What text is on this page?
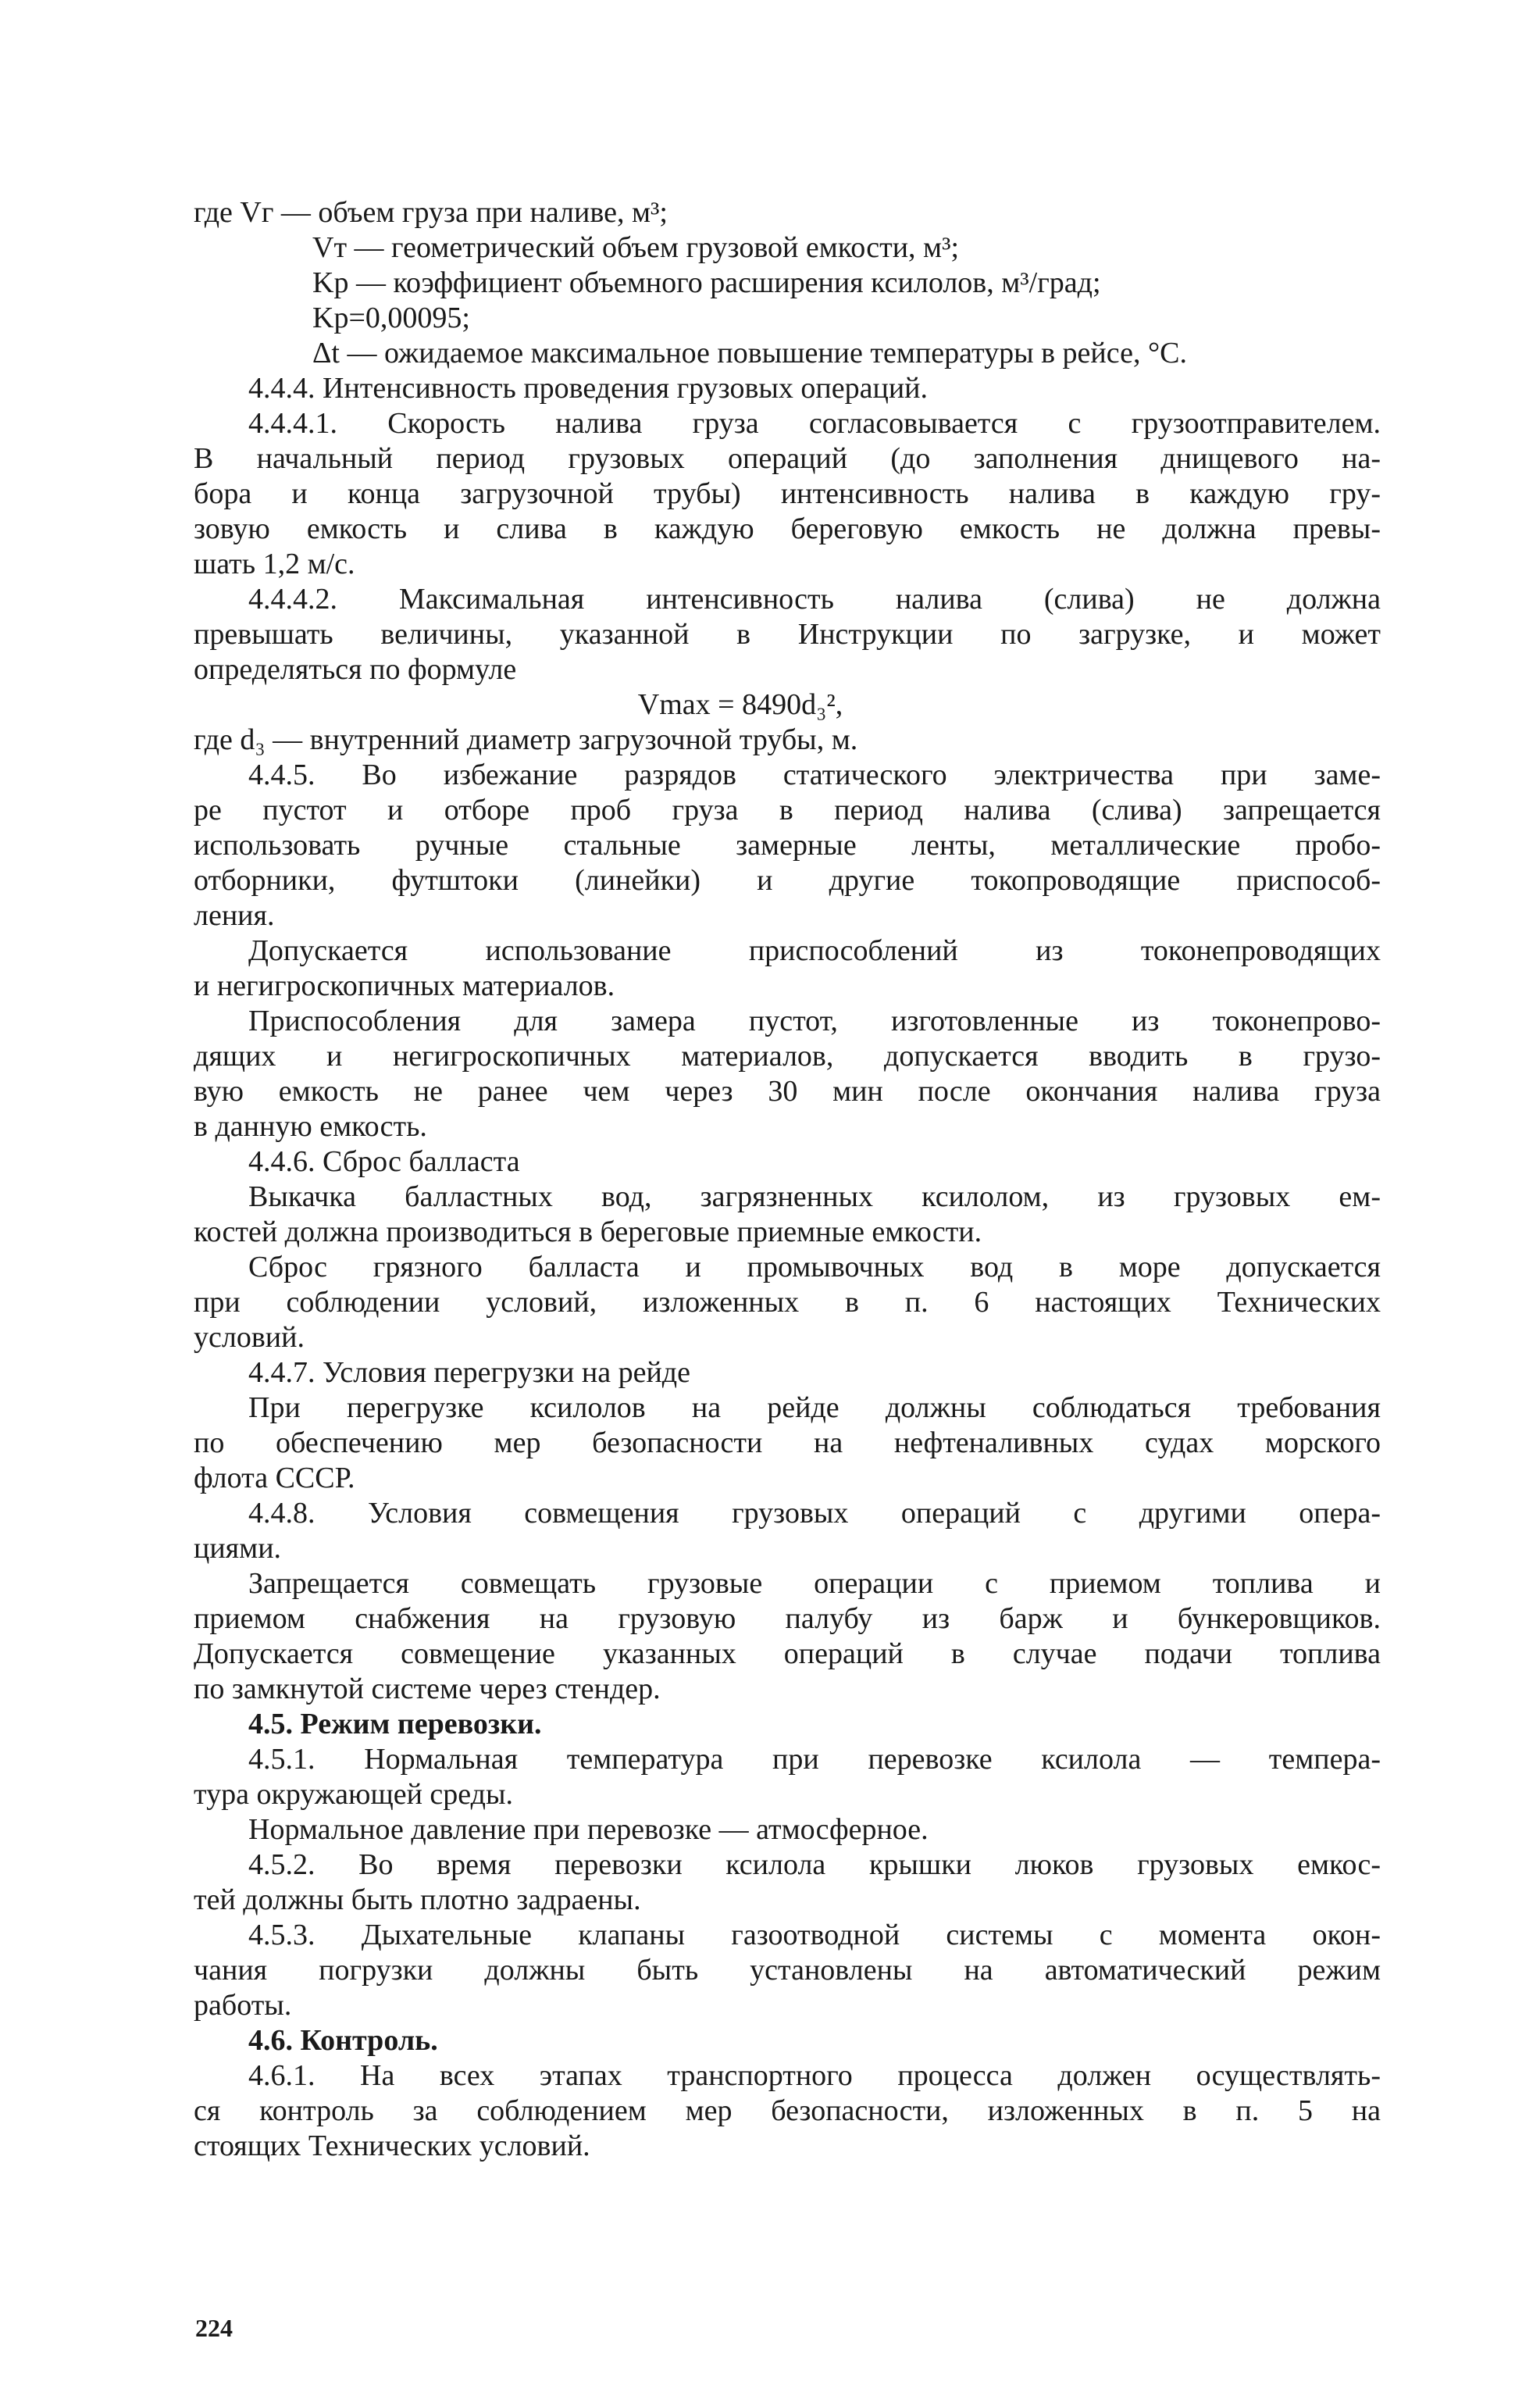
где Vг — объем груза при наливе, м³;
Vт — геометрический объем грузовой емкости, м³;
Kр — коэффициент объемного расширения ксилолов, м³/град;
Kр=0,00095;
Δt — ожидаемое максимальное повышение температуры в рейсе, °С.
4.4.4. Интенсивность проведения грузовых операций.
4.4.4.1. Скорость налива груза согласовывается с грузоотправителем.
В начальный период грузовых операций (до заполнения днищевого на-
бора и конца загрузочной трубы) интенсивность налива в каждую гру-
зовую емкость и слива в каждую береговую емкость не должна превы-
шать 1,2 м/с.
4.4.4.2. Максимальная интенсивность налива (слива) не должна
превышать величины, указанной в Инструкции по загрузке, и может
определяться по формуле
Vmax = 8490d₃²,
где d₃ — внутренний диаметр загрузочной трубы, м.
4.4.5. Во избежание разрядов статического электричества при заме-
ре пустот и отборе проб груза в период налива (слива) запрещается
использовать ручные стальные замерные ленты, металлические пробо-
отборники, футштоки (линейки) и другие токопроводящие приспособ-
ления.
Допускается использование приспособлений из токонепроводящих
и негигроскопичных материалов.
Приспособления для замера пустот, изготовленные из токонепрово-
дящих и негигроскопичных материалов, допускается вводить в грузо-
вую емкость не ранее чем через 30 мин после окончания налива груза
в данную емкость.
4.4.6. Сброс балласта
Выкачка балластных вод, загрязненных ксилолом, из грузовых ем-
костей должна производиться в береговые приемные емкости.
Сброс грязного балласта и промывочных вод в море допускается
при соблюдении условий, изложенных в п. 6 настоящих Технических
условий.
4.4.7. Условия перегрузки на рейде
При перегрузке ксилолов на рейде должны соблюдаться требования
по обеспечению мер безопасности на нефтеналивных судах морского
флота СССР.
4.4.8. Условия совмещения грузовых операций с другими опера-
циями.
Запрещается совмещать грузовые операции с приемом топлива и
приемом снабжения на грузовую палубу из барж и бункеровщиков.
Допускается совмещение указанных операций в случае подачи топлива
по замкнутой системе через стендер.
4.5. Режим перевозки.
4.5.1. Нормальная температура при перевозке ксилола — темпера-
тура окружающей среды.
Нормальное давление при перевозке — атмосферное.
4.5.2. Во время перевозки ксилола крышки люков грузовых емкос-
тей должны быть плотно задраены.
4.5.3. Дыхательные клапаны газоотводной системы с момента окон-
чания погрузки должны быть установлены на автоматический режим
работы.
4.6. Контроль.
4.6.1. На всех этапах транспортного процесса должен осуществлять-
ся контроль за соблюдением мер безопасности, изложенных в п. 5 на
стоящих Технических условий.
224
